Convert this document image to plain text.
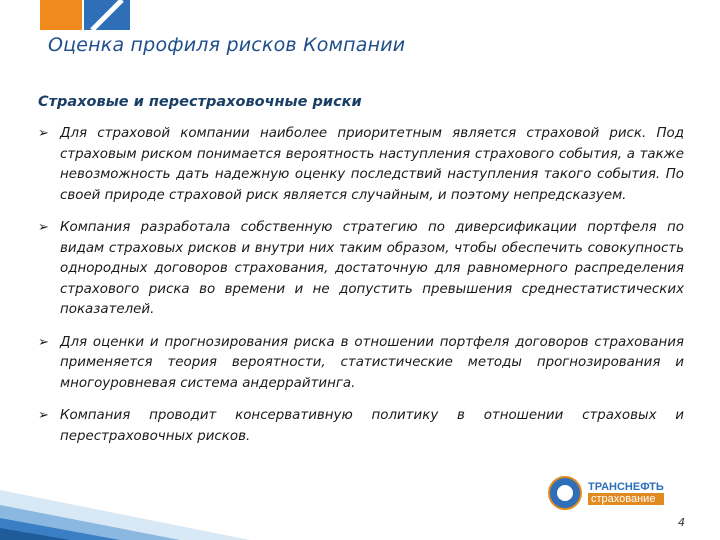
Оценка профиля рисков Компании
Страховые и перестраховочные риски
➢ Для страховой компании наиболее приоритетным является страховой риск. Под страховым риском понимается вероятность наступления страхового события, а также невозможность дать надежную оценку последствий наступления такого события. По своей природе страховой риск является случайным, и поэтому непредсказуем.
➢ Компания разработала собственную стратегию по диверсификации портфеля по видам страховых рисков и внутри них таким образом, чтобы обеспечить совокупность однородных договоров страхования, достаточную для равномерного распределения страхового риска во времени и не допустить превышения среднестатистических показателей.
➢ Для оценки и прогнозирования риска в отношении портфеля договоров страхования применяется теория вероятности, статистические методы прогнозирования и многоуровневая система андеррайтинга.
➢ Компания проводит консервативную политику в отношении страховых и перестраховочных рисков.
ТРАНСНЕФТЬ
страхование
4
